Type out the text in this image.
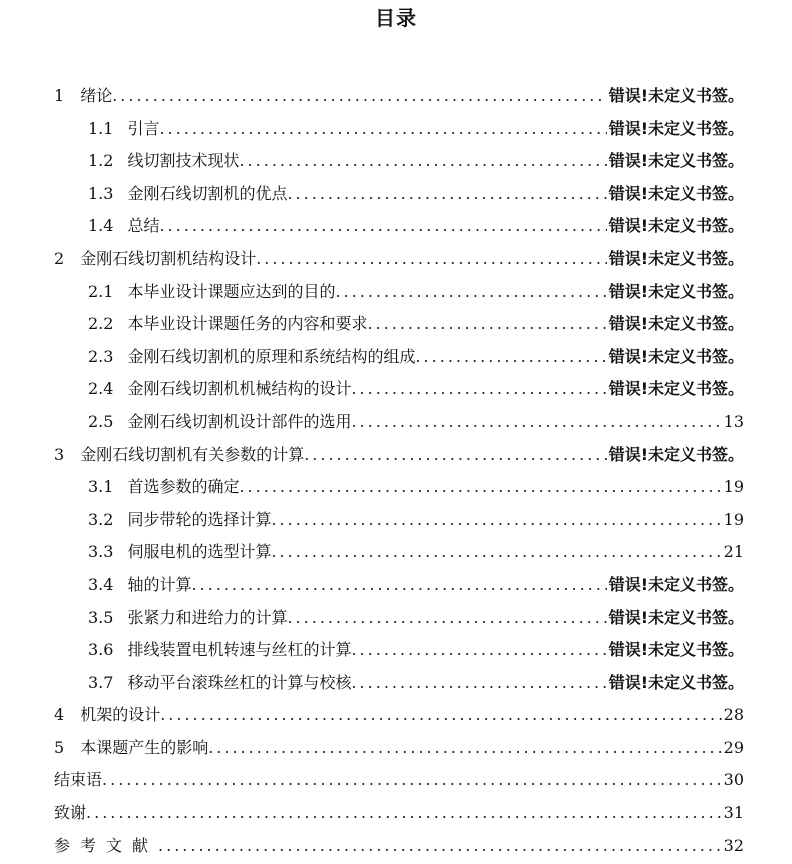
目录
1	绪论 .....	错误!未定义书签。
1.1 引言 .....	错误!未定义书签。
1.2 线切割技术现状 .....	错误!未定义书签。
1.3 金刚石线切割机的优点 .....	错误!未定义书签。
1.4 总结 .....	错误!未定义书签。
2	金刚石线切割机结构设计 .....	错误!未定义书签。
2.1 本毕业设计课题应达到的目的 .....	错误!未定义书签。
2.2 本毕业设计课题任务的内容和要求 .....	错误!未定义书签。
2.3 金刚石线切割机的原理和系统结构的组成 .....	错误!未定义书签。
2.4 金刚石线切割机机械结构的设计 .....	错误!未定义书签。
2.5 金刚石线切割机设计部件的选用 .....	13
3	金刚石线切割机有关参数的计算 .....	错误!未定义书签。
3.1 首选参数的确定 .....	19
3.2 同步带轮的选择计算 .....	19
3.3 伺服电机的选型计算 .....	21
3.4 轴的计算 .....	错误!未定义书签。
3.5 张紧力和进给力的计算 .....	错误!未定义书签。
3.6 排线装置电机转速与丝杠的计算 .....	错误!未定义书签。
3.7 移动平台滚珠丝杠的计算与校核 .....	错误!未定义书签。
4	机架的设计 .....	28
5	本课题产生的影响 .....	29
结束语 .....	30
致谢 .....	31
参考文献 .....	32
